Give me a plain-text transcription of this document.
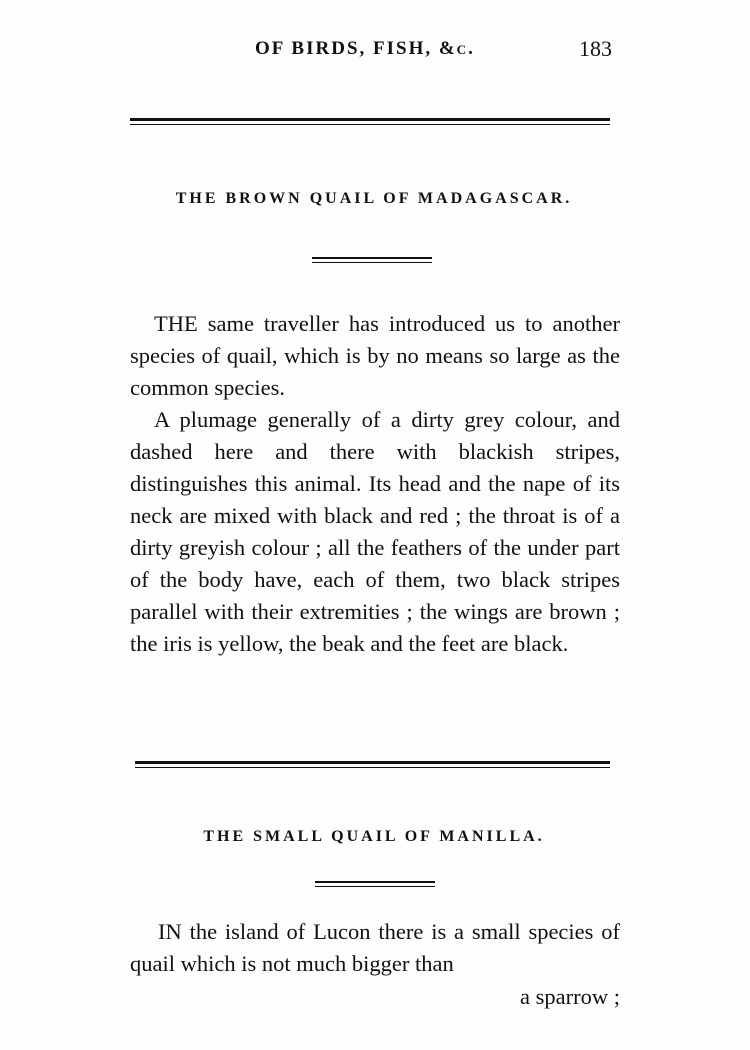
OF BIRDS, FISH, &c.	183
THE BROWN QUAIL OF MADAGASCAR.

THE same traveller has introduced us to another species of quail, which is by no means so large as the common species.

A plumage generally of a dirty grey colour, and dashed here and there with blackish stripes, distinguishes this animal. Its head and the nape of its neck are mixed with black and red ; the throat is of a dirty greyish colour ; all the feathers of the under part of the body have, each of them, two black stripes parallel with their extremities ; the wings are brown ; the iris is yellow, the beak and the feet are black.

THE SMALL QUAIL OF MANILLA.

IN the island of Lucon there is a small species of quail which is not much bigger than

a sparrow ;
